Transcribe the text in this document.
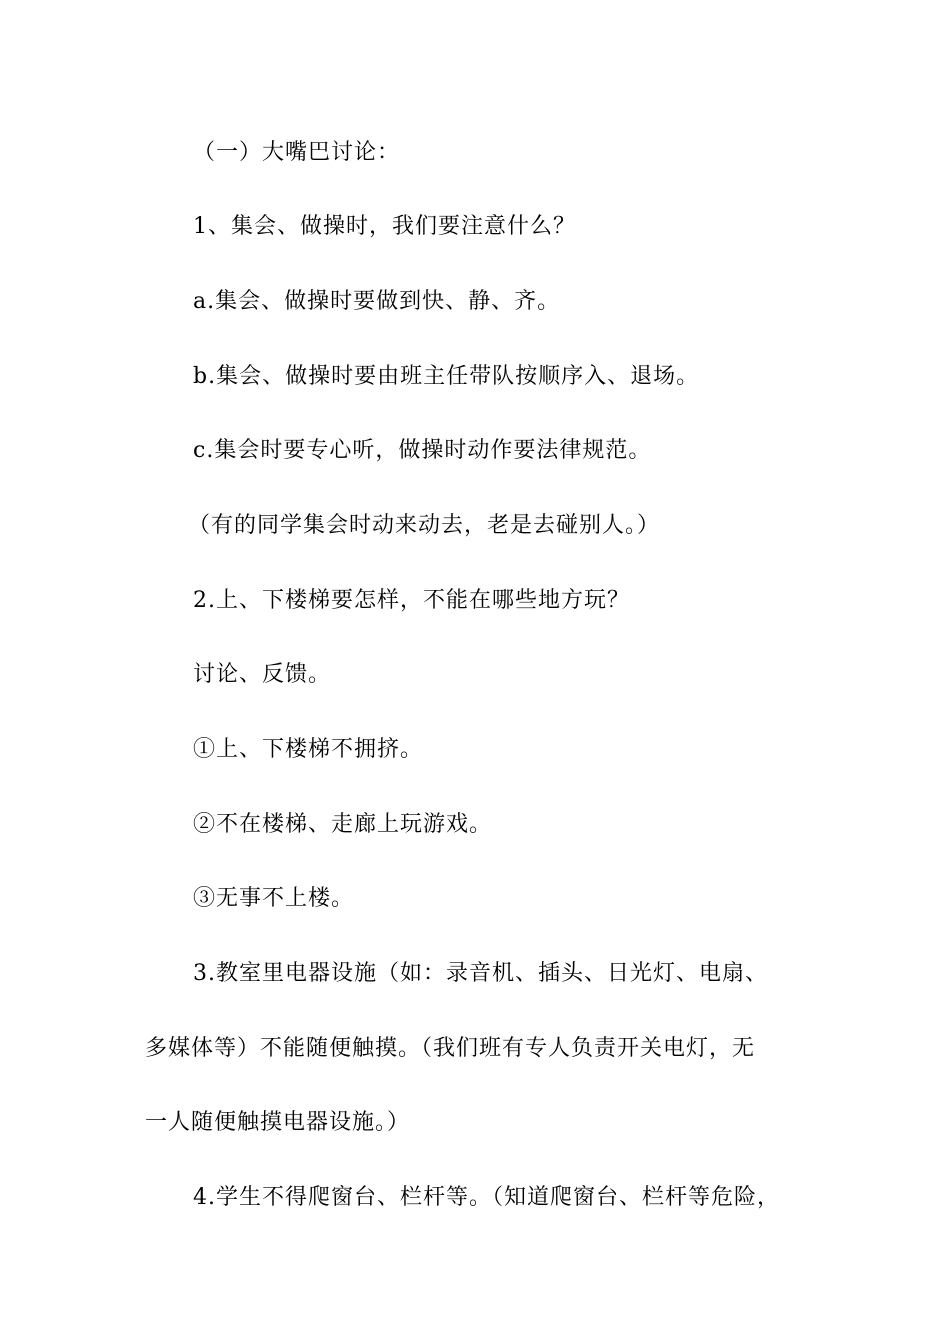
（一）大嘴巴讨论：
1、集会、做操时，我们要注意什么？
a.集会、做操时要做到快、静、齐。
b.集会、做操时要由班主任带队按顺序入、退场。
c.集会时要专心听，做操时动作要法律规范。
（有的同学集会时动来动去，老是去碰别人。）
2.上、下楼梯要怎样，不能在哪些地方玩？
讨论、反馈。
①上、下楼梯不拥挤。
②不在楼梯、走廊上玩游戏。
③无事不上楼。
3.教室里电器设施（如：录音机、插头、日光灯、电扇、
多媒体等）不能随便触摸。（我们班有专人负责开关电灯，无
一人随便触摸电器设施。）
4.学生不得爬窗台、栏杆等。（知道爬窗台、栏杆等危险，
